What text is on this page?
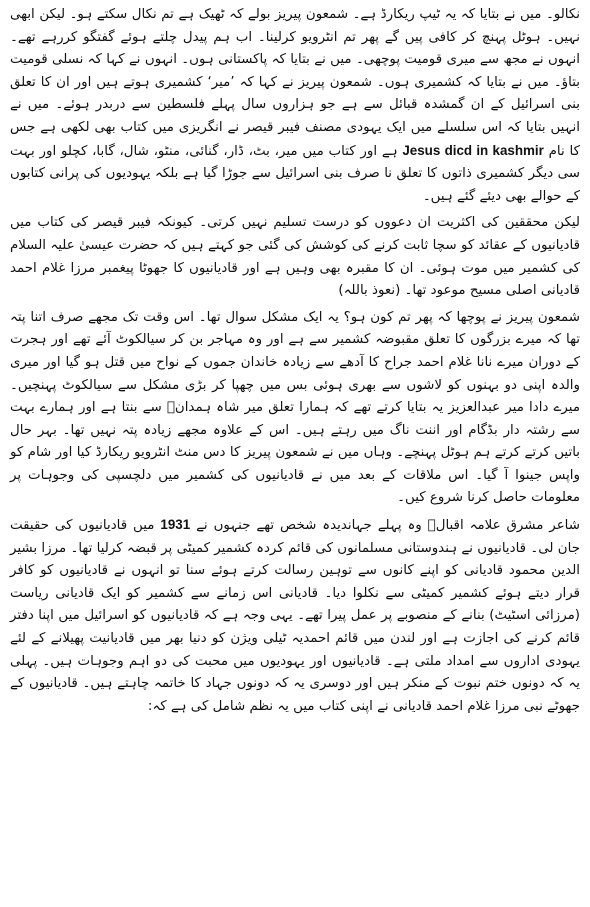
نکالو۔ میں نے بتایا کہ یہ ٹیپ ریکارڈ ہے۔ شمعون پیریز بولے کہ ٹھیک ہے تم نکال سکتے ہو۔ لیکن ابھی نہیں۔ ہوٹل پہنچ کر کافی پیں گے پھر تم انٹرویو کرلینا۔ اب ہم پیدل چلتے ہوئے گفتگو کررہے تھے۔ انہوں نے مجھ سے میری قومیت پوچھی۔ میں نے بتایا کہ پاکستانی ہوں۔ انہوں نے کہا کہ نسلی قومیت بتاؤ۔ میں نے بتایا کہ کشمیری ہوں۔ شمعون پیریز نے کہا کہ ’میر‘ کشمیری ہوتے ہیں اور ان کا تعلق بنی اسرائیل کے ان گمشدہ قبائل سے ہے جو ہزاروں سال پہلے فلسطین سے دربدر ہوئے۔ میں نے انہیں بتایا کہ اس سلسلے میں ایک یہودی مصنف فیبر قیصر نے انگریزی میں کتاب بھی لکھی ہے جس کا نام Jesus dicd in kashmir ہے اور کتاب میں میر، بٹ، ڈار، گنائی، منٹو، شال، گابا، کچلو اور بہت سی دیگر کشمیری ذاتوں کا تعلق نا صرف بنی اسرائیل سے جوڑا گیا ہے بلکہ یہودیوں کی پرانی کتابوں کے حوالے بھی دیئے گئے ہیں۔

لیکن محققین کی اکثریت ان دعووں کو درست تسلیم نہیں کرتی۔ کیونکہ فیبر قیصر کی کتاب میں قادیانیوں کے عقائد کو سچا ثابت کرنے کی کوشش کی گئی جو کہتے ہیں کہ حضرت عیسیٰ علیہ السلام کی کشمیر میں موت ہوئی۔ ان کا مقبرہ بھی وہیں ہے اور قادیانیوں کا جھوٹا پیغمبر مرزا غلام احمد قادیانی اصلی مسیح موعود تھا۔ (نعوذ باللہ)

شمعون پیریز نے پوچھا کہ پھر تم کون ہو؟ یہ ایک مشکل سوال تھا۔ اس وقت تک مجھے صرف اتنا پتہ تھا کہ میرے بزرگوں کا تعلق مقبوضہ کشمیر سے ہے اور وہ مہاجر بن کر سیالکوٹ آئے تھے اور ہجرت کے دوران میرے نانا غلام احمد جراح کا آدھے سے زیادہ خاندان جموں کے نواح میں قتل ہو گیا اور میری والدہ اپنی دو بہنوں کو لاشوں سے بھری ہوئی بس میں چھپا کر بڑی مشکل سے سیالکوٹ پہنچیں۔ میرے دادا میر عبدالعزیز یہ بتایا کرتے تھے کہ ہمارا تعلق میر شاہ ہمدانؒ سے بنتا ہے اور ہمارے بہت سے رشتہ دار بڈگام اور اننت ناگ میں رہتے ہیں۔ اس کے علاوہ مجھے زیادہ پتہ نہیں تھا۔ بہر حال باتیں کرتے کرتے ہم ہوٹل پہنچے۔ وہاں میں نے شمعون پیریز کا دس منٹ انٹرویو ریکارڈ کیا اور شام کو واپس جینوا آ گیا۔ اس ملاقات کے بعد میں نے قادیانیوں کی کشمیر میں دلچسپی کی وجوہات پر معلومات حاصل کرنا شروع کیں۔

شاعر مشرق علامہ اقبالؒ وہ پہلے جہاندیدہ شخص تھے جنہوں نے 1931 میں قادیانیوں کی حقیقت جان لی۔ قادیانیوں نے ہندوستانی مسلمانوں کی قائم کردہ کشمیر کمیٹی پر قبضہ کرلیا تھا۔ مرزا بشیر الدین محمود قادیانی کو اپنے کانوں سے توہین رسالت کرتے ہوئے سنا تو انہوں نے قادیانیوں کو کافر قرار دیتے ہوئے کشمیر کمیٹی سے نکلوا دیا۔ قادیانی اس زمانے سے کشمیر کو ایک قادیانی ریاست (مرزائی اسٹیٹ) بنانے کے منصوبے پر عمل پیرا تھے۔ یہی وجہ ہے کہ قادیانیوں کو اسرائیل میں اپنا دفتر قائم کرنے کی اجازت ہے اور لندن میں قائم احمدیہ ٹیلی ویژن کو دنیا بھر میں قادیانیت پھیلانے کے لئے یہودی اداروں سے امداد ملتی ہے۔ قادیانیوں اور یہودیوں میں محبت کی دو اہم وجوہات ہیں۔ پہلی یہ کہ دونوں ختم نبوت کے منکر ہیں اور دوسری یہ کہ دونوں جہاد کا خاتمہ چاہتے ہیں۔ قادیانیوں کے جھوٹے نبی مرزا غلام احمد قادیانی نے اپنی کتاب میں یہ نظم شامل کی ہے کہ:
